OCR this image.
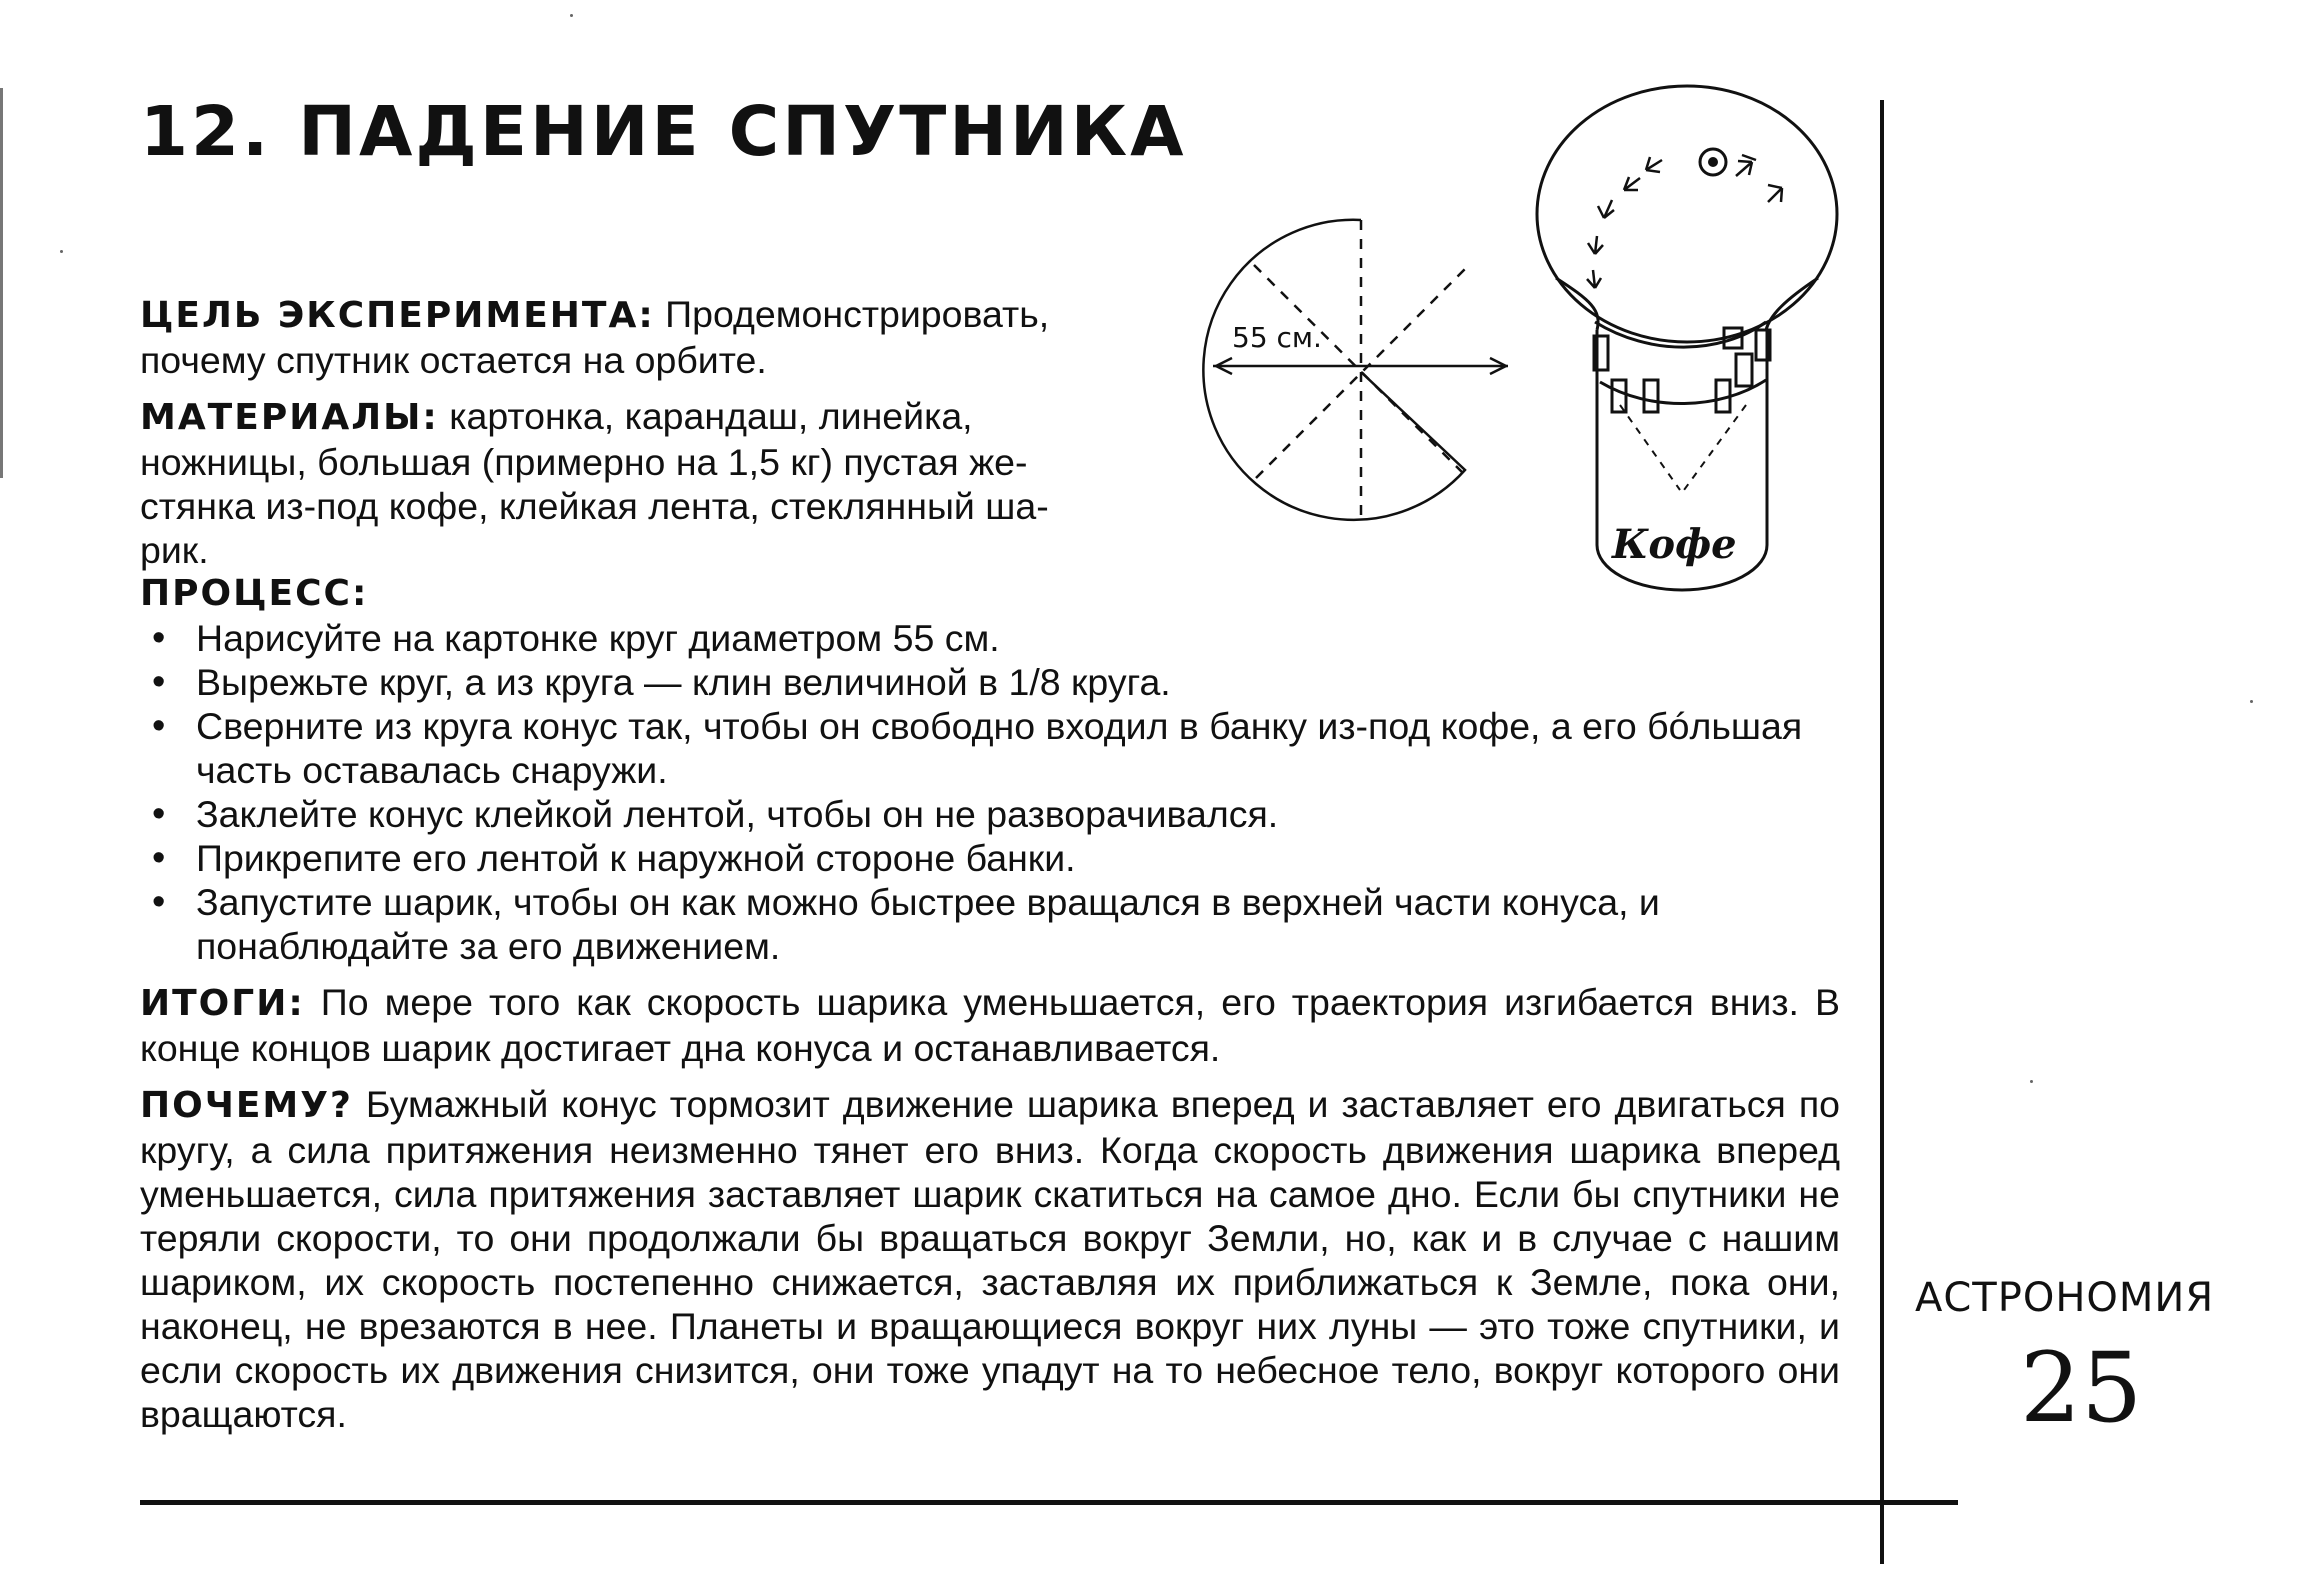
12. ПАДЕНИЕ СПУТНИКА
ЦЕЛЬ ЭКСПЕРИМЕНТА: Продемонстрировать,
почему спутник остается на орбите.
МАТЕРИАЛЫ: картонка, карандаш, линейка,
ножницы, большая (примерно на 1,5 кг) пустая же-
стянка из-под кофе, клейкая лента, стеклянный ша-
рик.
ПРОЦЕСС:
• Нарисуйте на картонке круг диаметром 55 см.
• Вырежьте круг, а из круга — клин величиной в 1/8 круга.
• Сверните из круга конус так, чтобы он свободно входил в банку из-под кофе, а его бóльшая часть оставалась снаружи.
• Заклейте конус клейкой лентой, чтобы он не разворачивался.
• Прикрепите его лентой к наружной стороне банки.
• Запустите шарик, чтобы он как можно быстрее вращался в верхней части конуса, и понаблюдайте за его движением.
ИТОГИ: По мере того как скорость шарика уменьшается, его траектория изгибается вниз. В конце концов шарик достигает дна конуса и останавливается.
ПОЧЕМУ? Бумажный конус тормозит движение шарика вперед и заставляет его двигаться по кругу, а сила притяжения неизменно тянет его вниз. Когда скорость движения шарика вперед уменьшается, сила притяжения заставляет шарик скатиться на самое дно. Если бы спутники не теряли скорости, то они продолжали бы вращаться вокруг Земли, но, как и в случае с нашим шариком, их скорость постепенно снижается, заставляя их приближаться к Земле, пока они, наконец, не врезаются в нее. Планеты и вращающиеся вокруг них луны — это тоже спутники, и если скорость их движения снизится, они тоже упадут на то небесное тело, вокруг которого они вращаются.
55 см.
Кофе
АСТРОНОМИЯ
25
